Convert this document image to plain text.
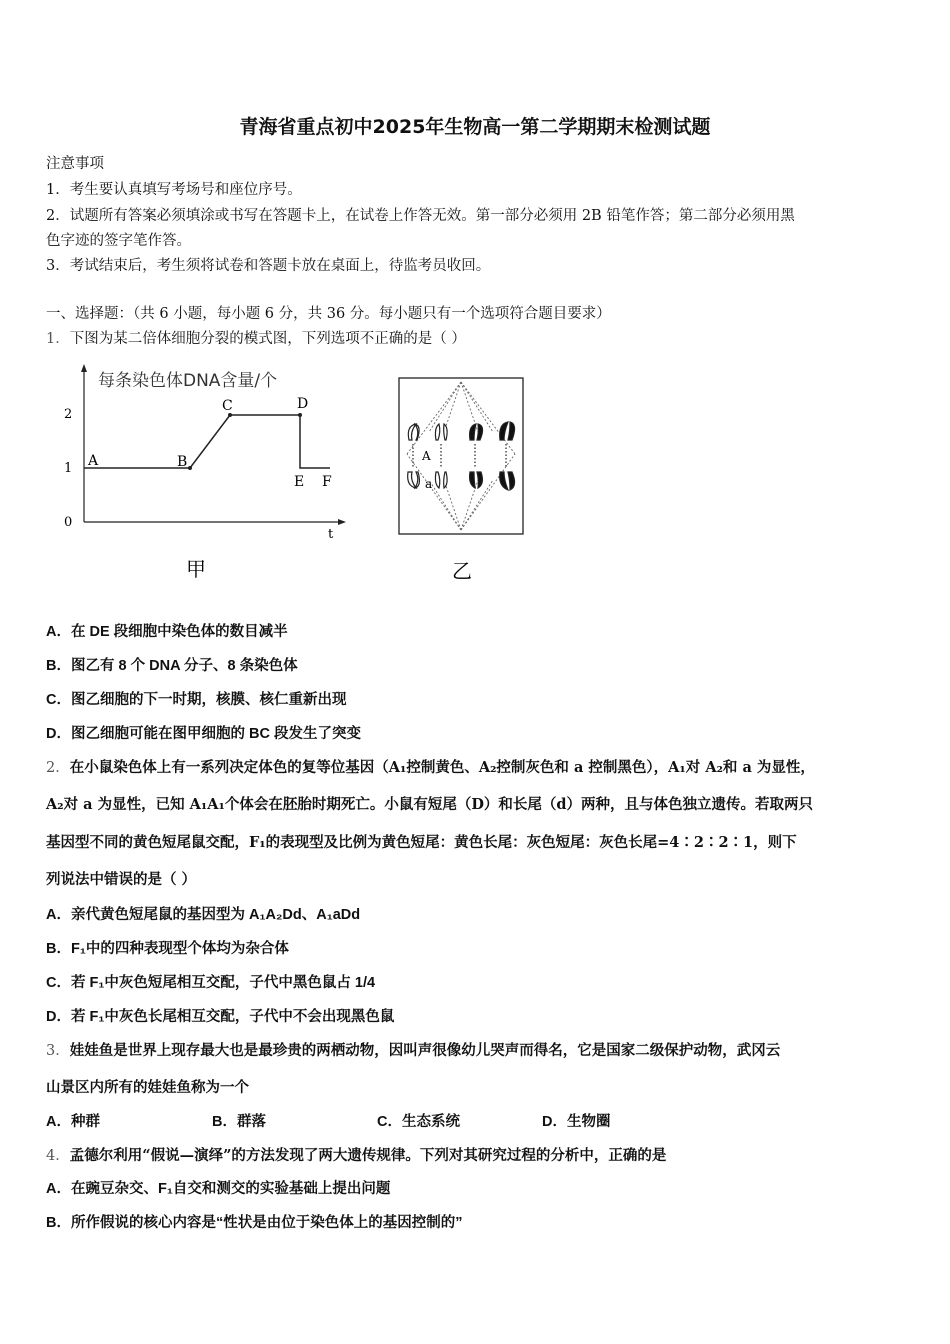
青海省重点初中2025年生物高一第二学期期末检测试题
注意事项
1．考生要认真填写考场号和座位序号。
2．试题所有答案必须填涂或书写在答题卡上，在试卷上作答无效。第一部分必须用 2B 铅笔作答；第二部分必须用黑
色字迹的签字笔作答。
3．考试结束后，考生须将试卷和答题卡放在桌面上，待监考员收回。
一、选择题：（共 6 小题，每小题 6 分，共 36 分。每小题只有一个选项符合题目要求）
1．下图为某二倍体细胞分裂的模式图，下列选项不正确的是（ ）
每条染色体DNA含量/个
2
1
0
t
A	B
C	D
E F
甲
A
a
乙
A．在 DE 段细胞中染色体的数目减半
B．图乙有 8 个 DNA 分子、8 条染色体
C．图乙细胞的下一时期，核膜、核仁重新出现
D．图乙细胞可能在图甲细胞的 BC 段发生了突变
2．在小鼠染色体上有一系列决定体色的复等位基因（A₁控制黄色、A₂控制灰色和 a 控制黑色），A₁对 A₂和 a 为显性，
A₂对 a 为显性，已知 A₁A₁个体会在胚胎时期死亡。小鼠有短尾（D）和长尾（d）两种，且与体色独立遗传。若取两只
基因型不同的黄色短尾鼠交配，F₁的表现型及比例为黄色短尾：黄色长尾：灰色短尾：灰色长尾=4∶2∶2∶1，则下
列说法中错误的是（ ）
A．亲代黄色短尾鼠的基因型为 A₁A₂Dd、A₁aDd
B．F₁中的四种表现型个体均为杂合体
C．若 F₁中灰色短尾相互交配，子代中黑色鼠占 1/4
D．若 F₁中灰色长尾相互交配，子代中不会出现黑色鼠
3．娃娃鱼是世界上现存最大也是最珍贵的两栖动物，因叫声很像幼儿哭声而得名，它是国家二级保护动物，武冈云
山景区内所有的娃娃鱼称为一个
A．种群	B．群落	C．生态系统	D．生物圈
4．孟德尔利用“假说—演绎”的方法发现了两大遗传规律。下列对其研究过程的分析中，正确的是
A．在豌豆杂交、F₁自交和测交的实验基础上提出问题
B．所作假说的核心内容是“性状是由位于染色体上的基因控制的”
